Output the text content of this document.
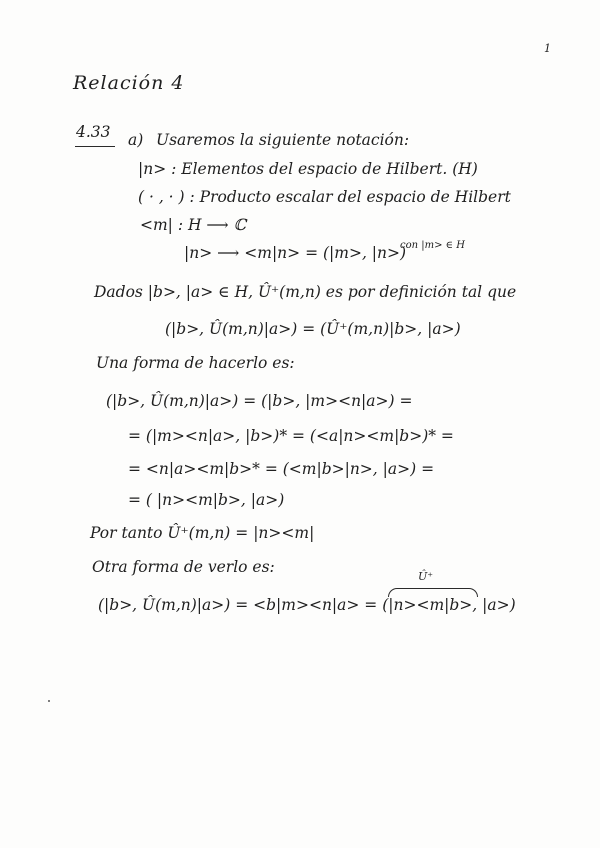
1
Relación 4
4.33 a) Usaremos la siguiente notación:
|n> : Elementos del espacio de Hilbert. (H)
( · , · ) : Producto escalar del espacio de Hilbert
<m| : H ⟶ ℂ
|n> ⟶ <m|n> = (|m>, |n>)
con |m> ∈ H
Dados |b>, |a> ∈ H, Û⁺(m,n) es por definición tal que
(|b>, Û(m,n)|a>) = (Û⁺(m,n)|b>, |a>)
Una forma de hacerlo es:
(|b>, Û(m,n)|a>) = (|b>, |m><n|a>) =
= (|m><n|a>, |b>)* = (<a|n><m|b>)* =
= <n|a><m|b>* = (<m|b>|n>, |a>) =
= ( |n><m|b>, |a>)
Por tanto Û⁺(m,n) = |n><m|
Otra forma de verlo es:
Û⁺
(|b>, Û(m,n)|a>) = <b|m><n|a> = (|n><m|b>, |a>)
